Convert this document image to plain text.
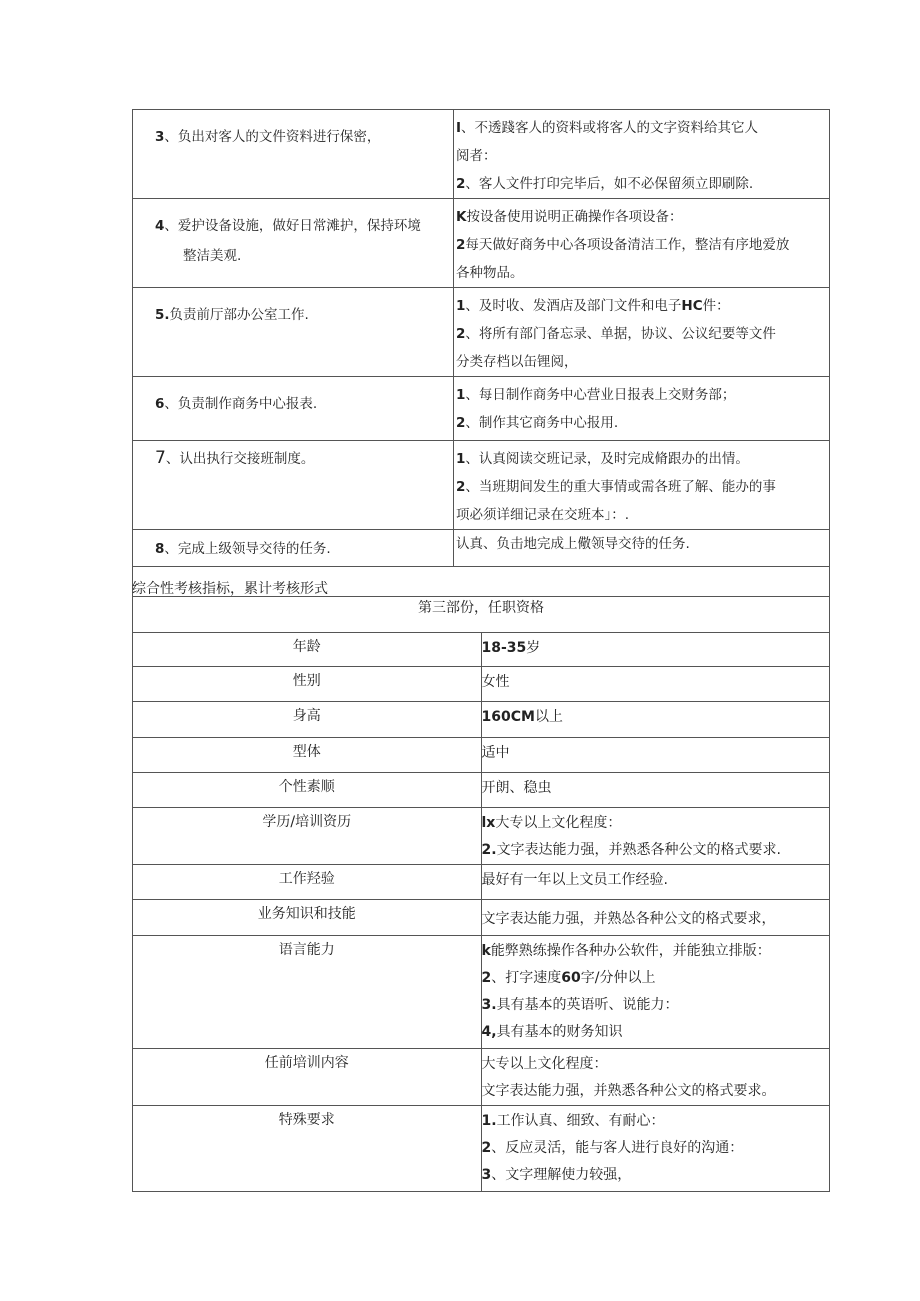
3、负出对客人的文件资料进行保密，	I、不透踐客人的资料或将客人的文字资料给其它人
阅者：
2、客人文件打印完毕后，如不必保留须立即刷除.

4、爱护设备设施，做好日常滩护，保持环境
整洁美观.	K按设备使用说明正确操作各项设备：
2每天做好商务中心各项设备清洁工作，整洁有序地爱放
各种物品。

5.负责前厅部办公室工作.	1、及时收、发酒店及部门文件和电子HC件：
2、将所有部门备忘录、单据，协议、公议纪要等文件
分类存档以缶锂阅，

6、负责制作商务中心报表.	1、每日制作商务中心营业日报表上交财务部；
2、制作其它商务中心报用.

7、认出执行交接班制度。	1、认真阅读交班记录，及时完成脩跟办的出情。
2、当班期间发生的重大事情或需各班了解、能办的事
项必须详细记录在交班本」：.

8、完成上级领导交待的任务.	认真、负击地完成上儆领导交待的任务.
综合性考核指标，累计考核形式
第三部份，任职资格	
年龄	18-35岁

性别	女性

身高	160CM以上

型体	适中

个性素顺	开朗、稳虫

学历/培训资历	lx大专以上文化程度：
2.文字表达能力强，并熟悉各种公文的格式要求.

工作羟验	最好有一年以上文员工作经验.

业务知识和技能	文字表达能力强，并熟怂各种公文的格式要求，

语言能力	k能弊熟练操作各种办公软件，并能独立排版：
2、打字速度60字/分仲以上
3.具有基本的英语听、说能力：
4,具有基本的财务知识

任前培训内容	大专以上文化程度：
文字表达能力强，并熟悉各种公文的格式要求。

特殊要求	1.工作认真、细致、有耐心：
2、反应灵活，能与客人进行良好的沟通：
3、文字理解使力较强，
